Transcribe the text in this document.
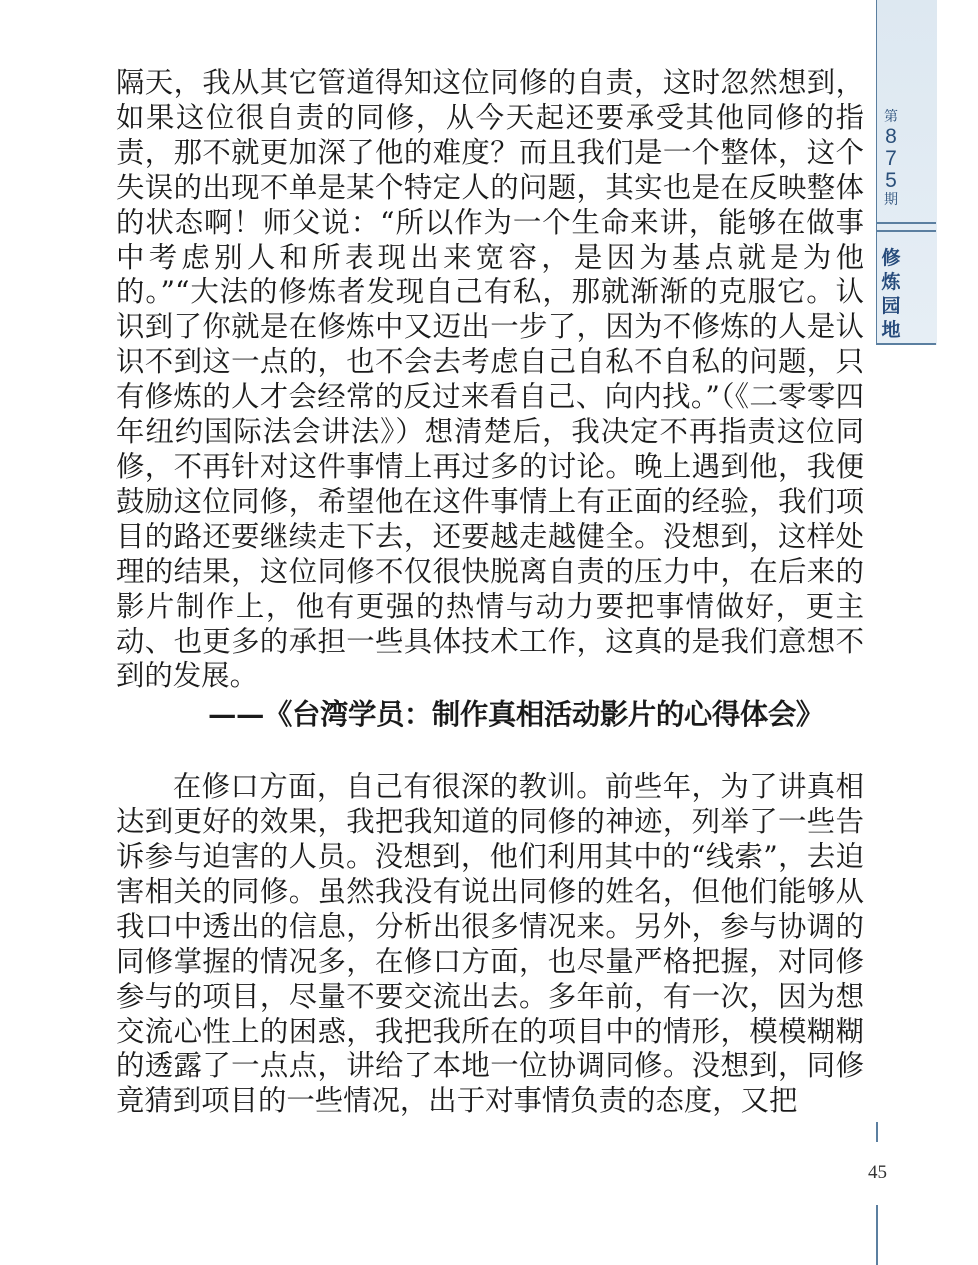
隔天，我从其它管道得知这位同修的自责，这时忽然想到，如果这位很自责的同修，从今天起还要承受其他同修的指责，那不就更加深了他的难度？而且我们是一个整体，这个失误的出现不单是某个特定人的问题，其实也是在反映整体的状态啊！师父说：“所以作为一个生命来讲，能够在做事中考虑别人和所表现出来宽容，是因为基点就是为他的。”“大法的修炼者发现自己有私，那就渐渐的克服它。认识到了你就是在修炼中又迈出一步了，因为不修炼的人是认识不到这一点的，也不会去考虑自己自私不自私的问题，只有修炼的人才会经常的反过来看自己、向内找。”（《二零零四年纽约国际法会讲法》）想清楚后，我决定不再指责这位同修，不再针对这件事情上再过多的讨论。晚上遇到他，我便鼓励这位同修，希望他在这件事情上有正面的经验，我们项目的路还要继续走下去，还要越走越健全。没想到，这样处理的结果，这位同修不仅很快脱离自责的压力中，在后来的影片制作上，他有更强的热情与动力要把事情做好，更主动、也更多的承担一些具体技术工作，这真的是我们意想不到的发展。

——《台湾学员：制作真相活动影片的心得体会》

在修口方面，自己有很深的教训。前些年，为了讲真相达到更好的效果，我把我知道的同修的神迹，列举了一些告诉参与迫害的人员。没想到，他们利用其中的“线索”，去迫害相关的同修。虽然我没有说出同修的姓名，但他们能够从我口中透出的信息，分析出很多情况来。另外，参与协调的同修掌握的情况多，在修口方面，也尽量严格把握，对同修参与的项目，尽量不要交流出去。多年前，有一次，因为想交流心性上的困惑，我把我所在的项目中的情形，模模糊糊的透露了一点点，讲给了本地一位协调同修。没想到，同修竟猜到项目的一些情况，出于对事情负责的态度，又把

第
8
7
5
期
修
炼
园
地
45
